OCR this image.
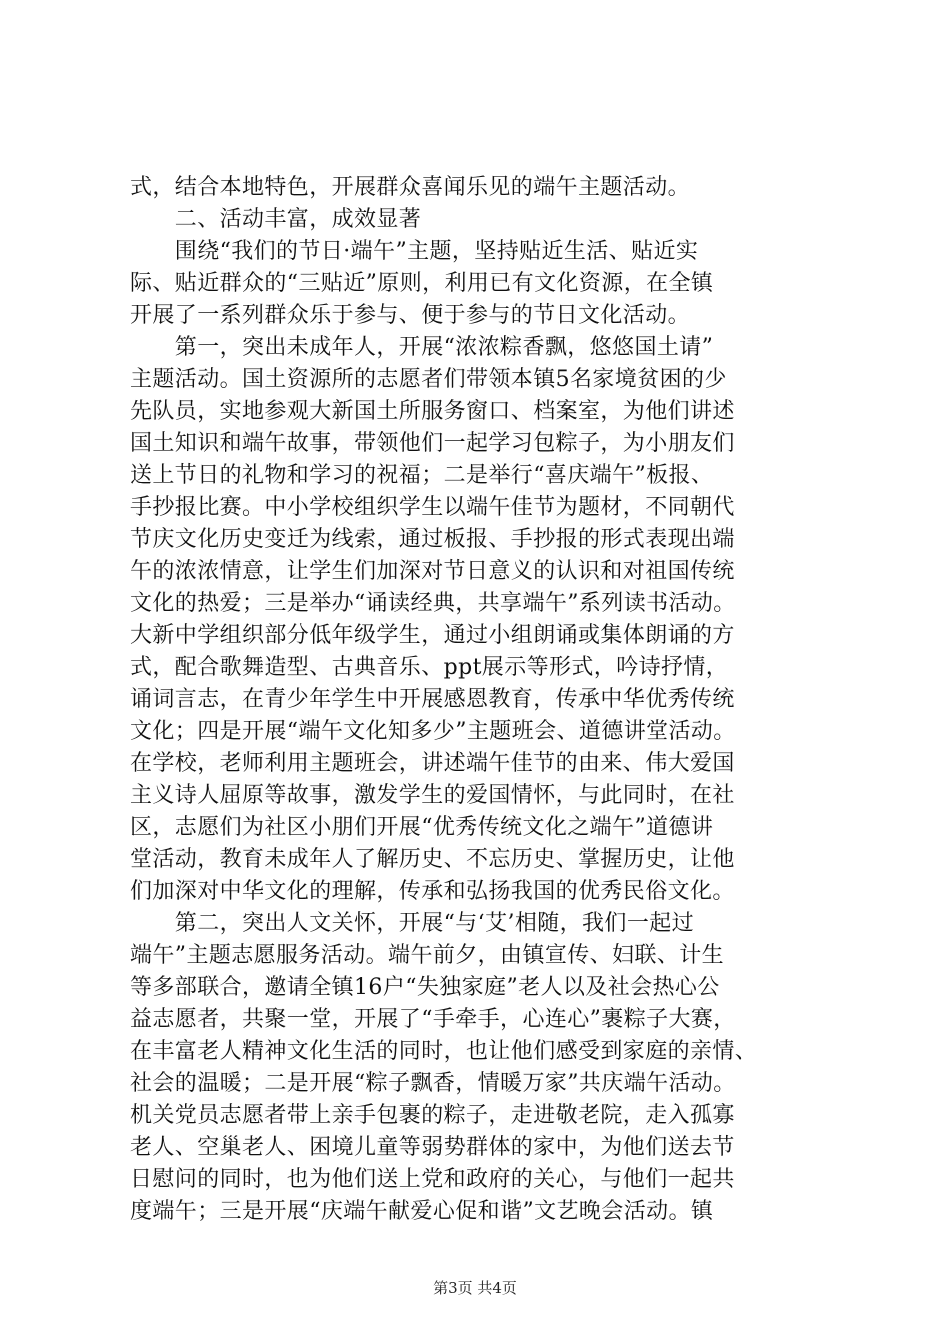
式，结合本地特色，开展群众喜闻乐见的端午主题活动。
　　二、活动丰富，成效显著
　　围绕“我们的节日·端午”主题，坚持贴近生活、贴近实
际、贴近群众的“三贴近”原则，利用已有文化资源，在全镇
开展了一系列群众乐于参与、便于参与的节日文化活动。
　　第一，突出未成年人，开展“浓浓粽香飘，悠悠国土请”
主题活动。国土资源所的志愿者们带领本镇5名家境贫困的少
先队员，实地参观大新国土所服务窗口、档案室，为他们讲述
国土知识和端午故事，带领他们一起学习包粽子，为小朋友们
送上节日的礼物和学习的祝福；二是举行“喜庆端午”板报、
手抄报比赛。中小学校组织学生以端午佳节为题材，不同朝代
节庆文化历史变迁为线索，通过板报、手抄报的形式表现出端
午的浓浓情意，让学生们加深对节日意义的认识和对祖国传统
文化的热爱；三是举办“诵读经典，共享端午”系列读书活动。
大新中学组织部分低年级学生，通过小组朗诵或集体朗诵的方
式，配合歌舞造型、古典音乐、ppt展示等形式，吟诗抒情，
诵词言志，在青少年学生中开展感恩教育，传承中华优秀传统
文化；四是开展“端午文化知多少”主题班会、道德讲堂活动。
在学校，老师利用主题班会，讲述端午佳节的由来、伟大爱国
主义诗人屈原等故事，激发学生的爱国情怀，与此同时，在社
区，志愿们为社区小朋们开展“优秀传统文化之端午”道德讲
堂活动，教育未成年人了解历史、不忘历史、掌握历史，让他
们加深对中华文化的理解，传承和弘扬我国的优秀民俗文化。
　　第二，突出人文关怀，开展“与‘艾’相随，我们一起过
端午”主题志愿服务活动。端午前夕，由镇宣传、妇联、计生
等多部联合，邀请全镇16户“失独家庭”老人以及社会热心公
益志愿者，共聚一堂，开展了“手牵手，心连心”裹粽子大赛，
在丰富老人精神文化生活的同时，也让他们感受到家庭的亲情、
社会的温暖；二是开展“粽子飘香，情暖万家”共庆端午活动。
机关党员志愿者带上亲手包裹的粽子，走进敬老院，走入孤寡
老人、空巢老人、困境儿童等弱势群体的家中，为他们送去节
日慰问的同时，也为他们送上党和政府的关心，与他们一起共
度端午；三是开展“庆端午献爱心促和谐”文艺晚会活动。镇
第3页 共4页
